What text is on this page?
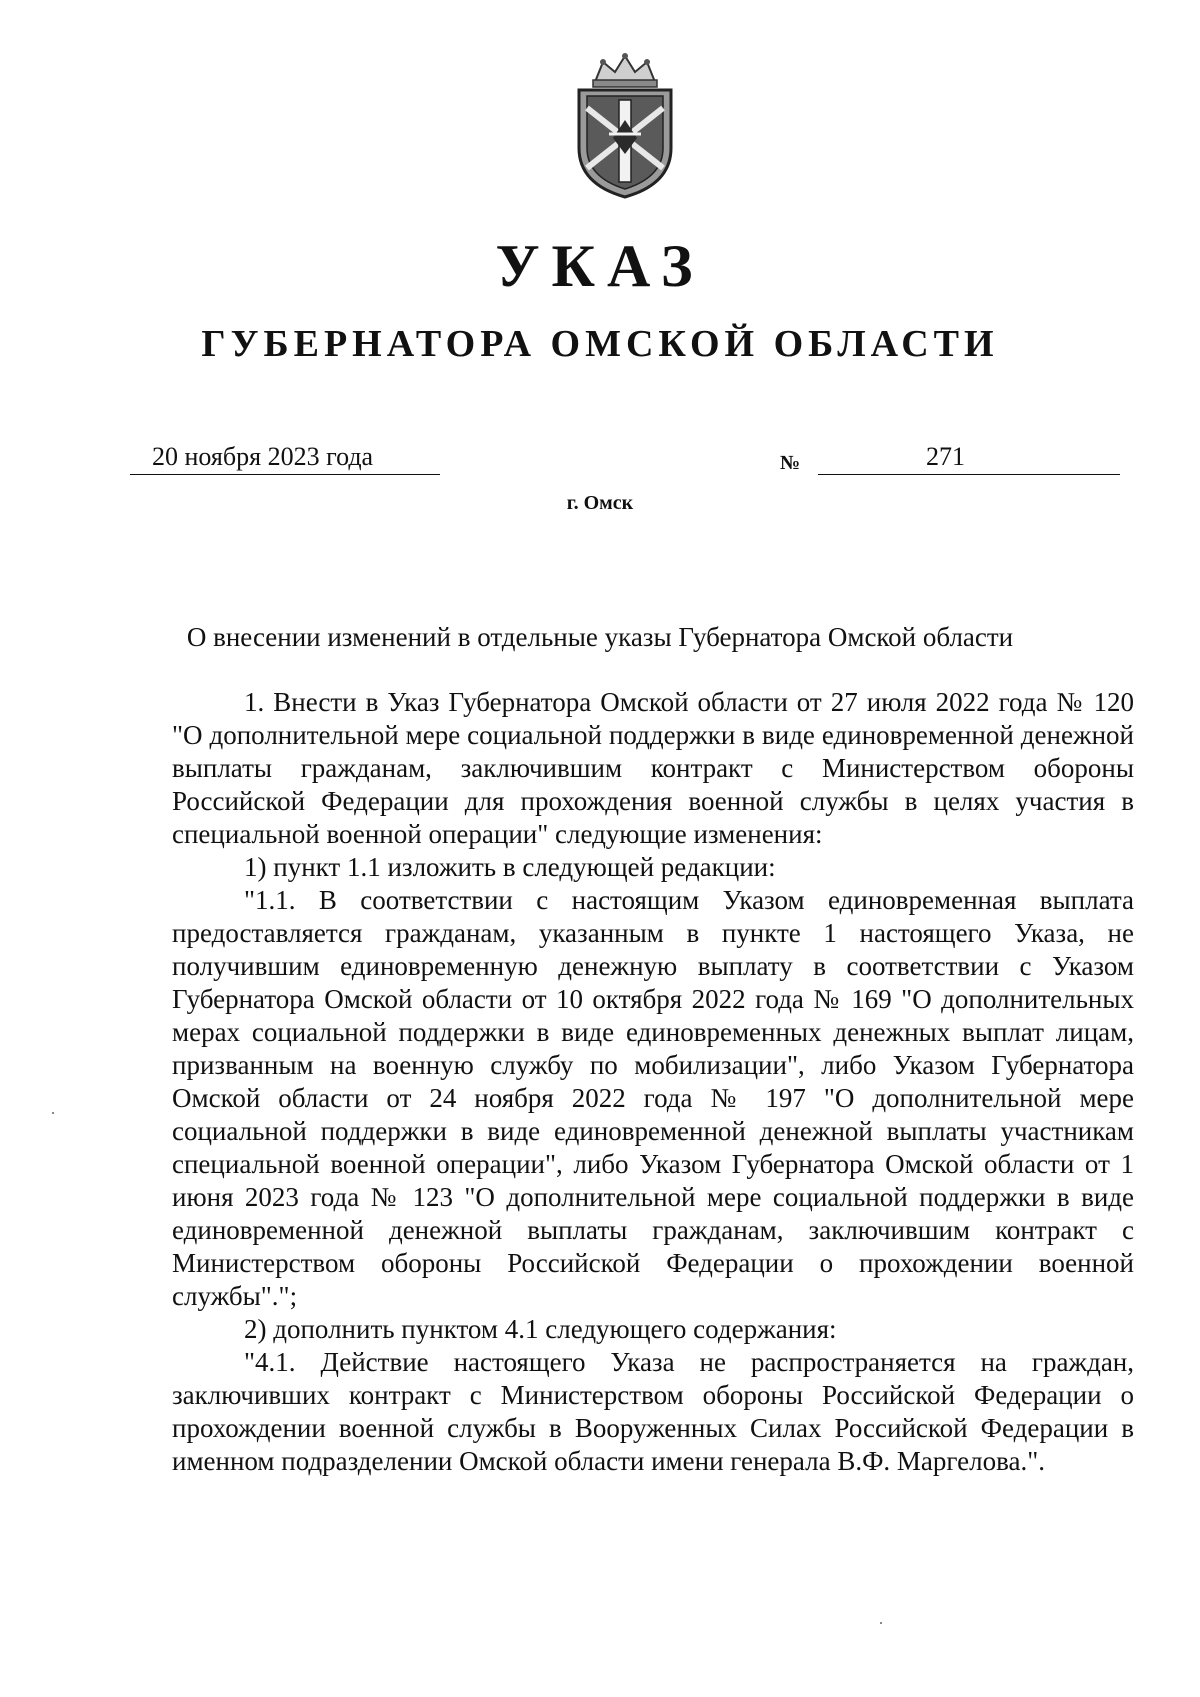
УКАЗ
ГУБЕРНАТОРА ОМСКОЙ ОБЛАСТИ
20 ноября 2023 года	№	271
г. Омск
О внесении изменений в отдельные указы Губернатора Омской области

1. Внести в Указ Губернатора Омской области от 27 июля 2022 года № 120 "О дополнительной мере социальной поддержки в виде единовременной денежной выплаты гражданам, заключившим контракт с Министерством обороны Российской Федерации для прохождения военной службы в целях участия в специальной военной операции" следующие изменения:

1) пункт 1.1 изложить в следующей редакции:

"1.1. В соответствии с настоящим Указом единовременная выплата предоставляется гражданам, указанным в пункте 1 настоящего Указа, не получившим единовременную денежную выплату в соответствии с Указом Губернатора Омской области от 10 октября 2022 года № 169 "О дополнительных мерах социальной поддержки в виде единовременных денежных выплат лицам, призванным на военную службу по мобилизации", либо Указом Губернатора Омской области от 24 ноября 2022 года № 197 "О дополнительной мере социальной поддержки в виде единовременной денежной выплаты участникам специальной военной операции", либо Указом Губернатора Омской области от 1 июня 2023 года № 123 "О дополнительной мере социальной поддержки в виде единовременной денежной выплаты гражданам, заключившим контракт с Министерством обороны Российской Федерации о прохождении военной службы".";

2) дополнить пунктом 4.1 следующего содержания:

"4.1. Действие настоящего Указа не распространяется на граждан, заключивших контракт с Министерством обороны Российской Федерации о прохождении военной службы в Вооруженных Силах Российской Федерации в именном подразделении Омской области имени генерала В.Ф. Маргелова.".
